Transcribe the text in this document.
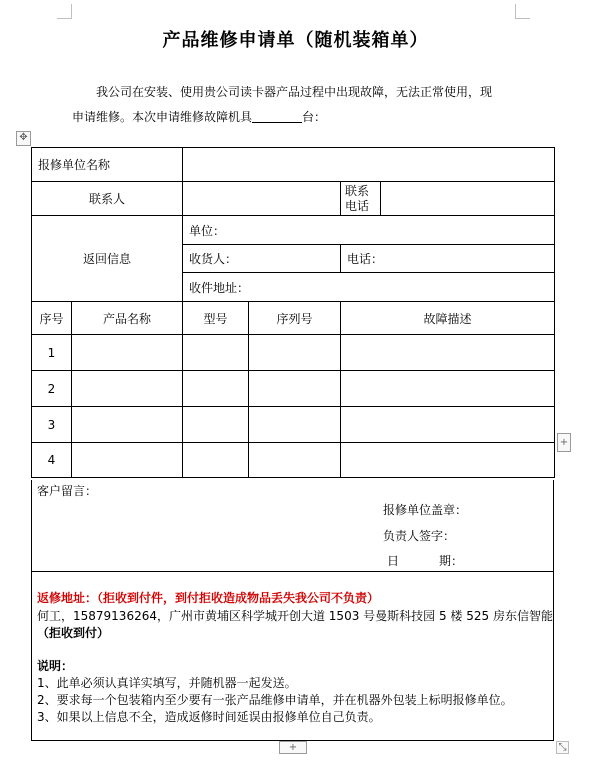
产品维修申请单（随机装箱单）
我公司在安装、使用贵公司读卡器产品过程中出现故障，无法正常使用，现
申请维修。本次申请维修故障机具	台：
✥
报修单位名称					
联系人				联系
电话	

返回信息		单位：			
		收货人：		电话：	
		收件地址：			
序号	产品名称	型号	序列号	故障描述	
1					
2					
3					
4					
客户留言：
报修单位盖章：
负责人签字：
日	期：
返修地址：（拒收到付件，到付拒收造成物品丢失我公司不负责）
何工，15879136264，广州市黄埔区科学城开创大道 1503 号曼斯科技园 5 楼 525 房东信智能
（拒收到付）
说明：
1、此单必须认真详实填写，并随机器一起发送。
2、要求每一个包装箱内至少要有一张产品维修申请单，并在机器外包装上标明报修单位。
3、如果以上信息不全，造成返修时间延误由报修单位自己负责。
+
+	⤡
